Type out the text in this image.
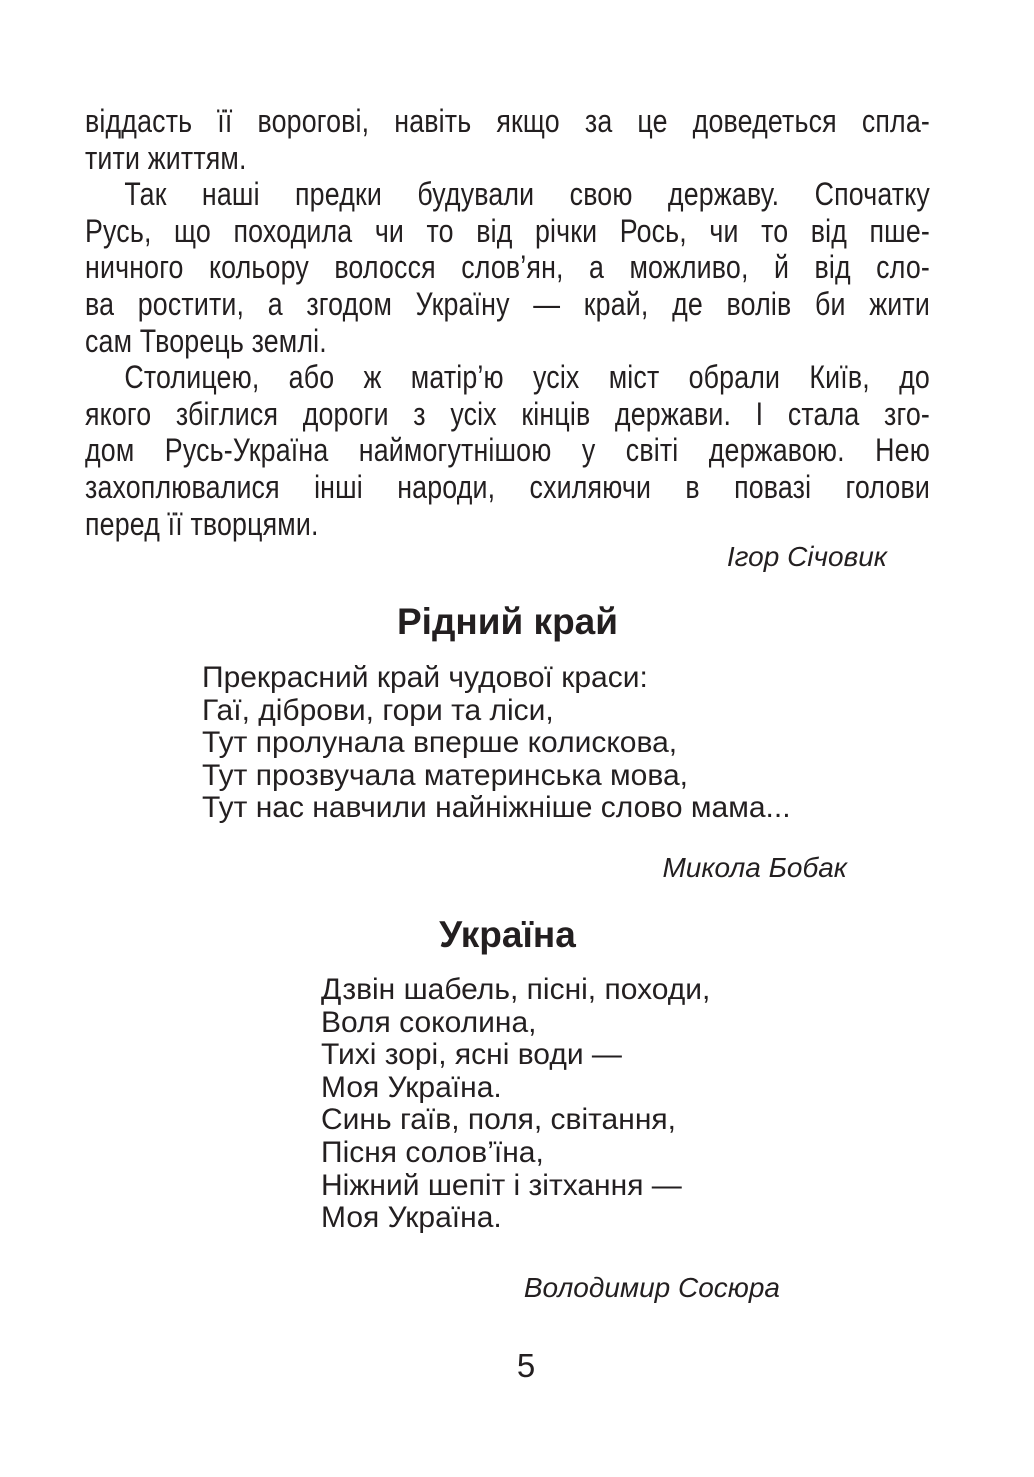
віддасть її ворогові, навіть якщо за це доведеться спла-
тити життям.
Так наші предки будували свою державу. Спочатку
Русь, що походила чи то від річки Рось, чи то від пше-
ничного кольору волосся слов’ян, а можливо, й від сло-
ва ростити, а згодом Україну — край, де волів би жити
сам Творець землі.
Столицею, або ж матір’ю усіх міст обрали Київ, до
якого збіглися дороги з усіх кінців держави. І стала зго-
дом Русь-Україна наймогутнішою у світі державою. Нею
захоплювалися інші народи, схиляючи в повазі голови
перед її творцями.
Ігор Січовик
Рідний край
Прекрасний край чудової краси:
Гаї, діброви, гори та ліси,
Тут пролунала вперше колискова,
Тут прозвучала материнська мова,
Тут нас навчили найніжніше слово мама...
Микола Бобак
Україна
Дзвін шабель, пісні, походи,
Воля соколина,
Тихі зорі, ясні води —
Моя Україна.
Синь гаїв, поля, світання,
Пісня солов’їна,
Ніжний шепіт і зітхання —
Моя Україна.
Володимир Сосюра
5
